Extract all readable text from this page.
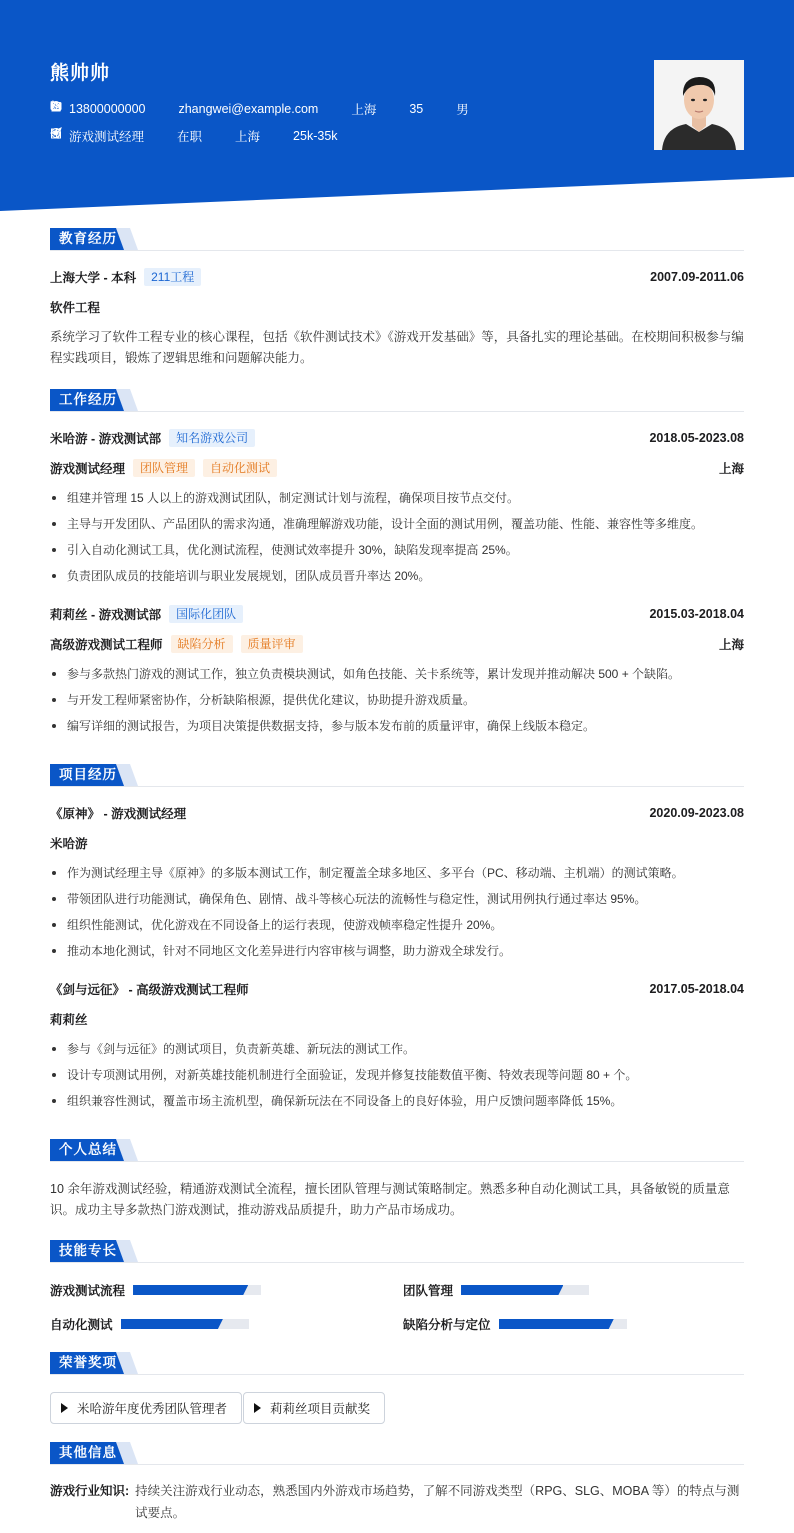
熊帅帅
13800000000	zhangwei@example.com	上海	35	男
游戏测试经理	在职	上海	25k-35k
教育经历
上海大学 - 本科	211工程	2007.09-2011.06
软件工程
系统学习了软件工程专业的核心课程，包括《软件测试技术》《游戏开发基础》等，具备扎实的理论基础。在校期间积极参与编程实践项目，锻炼了逻辑思维和问题解决能力。
工作经历
米哈游 - 游戏测试部	知名游戏公司	2018.05-2023.08
游戏测试经理	团队管理	自动化测试	上海
组建并管理 15 人以上的游戏测试团队，制定测试计划与流程，确保项目按节点交付。
主导与开发团队、产品团队的需求沟通，准确理解游戏功能，设计全面的测试用例，覆盖功能、性能、兼容性等多维度。
引入自动化测试工具，优化测试流程，使测试效率提升 30%，缺陷发现率提高 25%。
负责团队成员的技能培训与职业发展规划，团队成员晋升率达 20%。
莉莉丝 - 游戏测试部	国际化团队	2015.03-2018.04
高级游戏测试工程师	缺陷分析	质量评审	上海
参与多款热门游戏的测试工作，独立负责模块测试，如角色技能、关卡系统等，累计发现并推动解决 500 + 个缺陷。
与开发工程师紧密协作，分析缺陷根源，提供优化建议，协助提升游戏质量。
编写详细的测试报告，为项目决策提供数据支持，参与版本发布前的质量评审，确保上线版本稳定。
项目经历
《原神》 - 游戏测试经理	2020.09-2023.08
米哈游
作为测试经理主导《原神》的多版本测试工作，制定覆盖全球多地区、多平台（PC、移动端、主机端）的测试策略。
带领团队进行功能测试，确保角色、剧情、战斗等核心玩法的流畅性与稳定性，测试用例执行通过率达 95%。
组织性能测试，优化游戏在不同设备上的运行表现，使游戏帧率稳定性提升 20%。
推动本地化测试，针对不同地区文化差异进行内容审核与调整，助力游戏全球发行。
《剑与远征》 - 高级游戏测试工程师	2017.05-2018.04
莉莉丝
参与《剑与远征》的测试项目，负责新英雄、新玩法的测试工作。
设计专项测试用例，对新英雄技能机制进行全面验证，发现并修复技能数值平衡、特效表现等问题 80 + 个。
组织兼容性测试，覆盖市场主流机型，确保新玩法在不同设备上的良好体验，用户反馈问题率降低 15%。
个人总结
10 余年游戏测试经验，精通游戏测试全流程，擅长团队管理与测试策略制定。熟悉多种自动化测试工具，具备敏锐的质量意识。成功主导多款热门游戏测试，推动游戏品质提升，助力产品市场成功。
技能专长
游戏测试流程	团队管理
自动化测试	缺陷分析与定位
荣誉奖项
米哈游年度优秀团队管理者	莉莉丝项目贡献奖
其他信息
游戏行业知识: 持续关注游戏行业动态，熟悉国内外游戏市场趋势，了解不同游戏类型（RPG、SLG、MOBA 等）的特点与测试要点。
